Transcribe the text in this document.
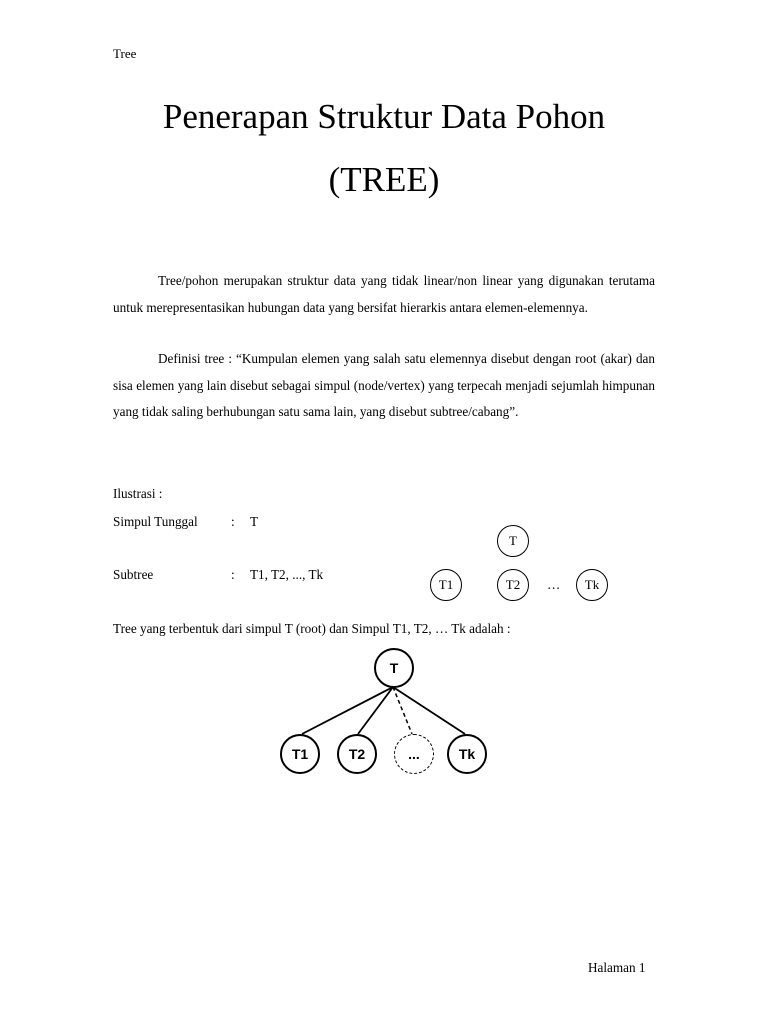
Tree
Penerapan Struktur Data Pohon
(TREE)

Tree/pohon merupakan struktur data yang tidak linear/non linear yang digunakan terutama untuk merepresentasikan hubungan data yang bersifat hierarkis antara elemen-elemennya.

Definisi tree : “Kumpulan elemen yang salah satu elemennya disebut dengan root (akar) dan sisa elemen yang lain disebut sebagai simpul (node/vertex) yang terpecah menjadi sejumlah himpunan yang tidak saling berhubungan satu sama lain, yang disebut subtree/cabang”.

Ilustrasi :
Simpul Tunggal	: T
Subtree	: T1, T2, ..., Tk
T
T1	T2	…	Tk
Tree yang terbentuk dari simpul T (root) dan Simpul T1, T2, … Tk adalah :
T
T1	T2	...	Tk
Halaman 1
